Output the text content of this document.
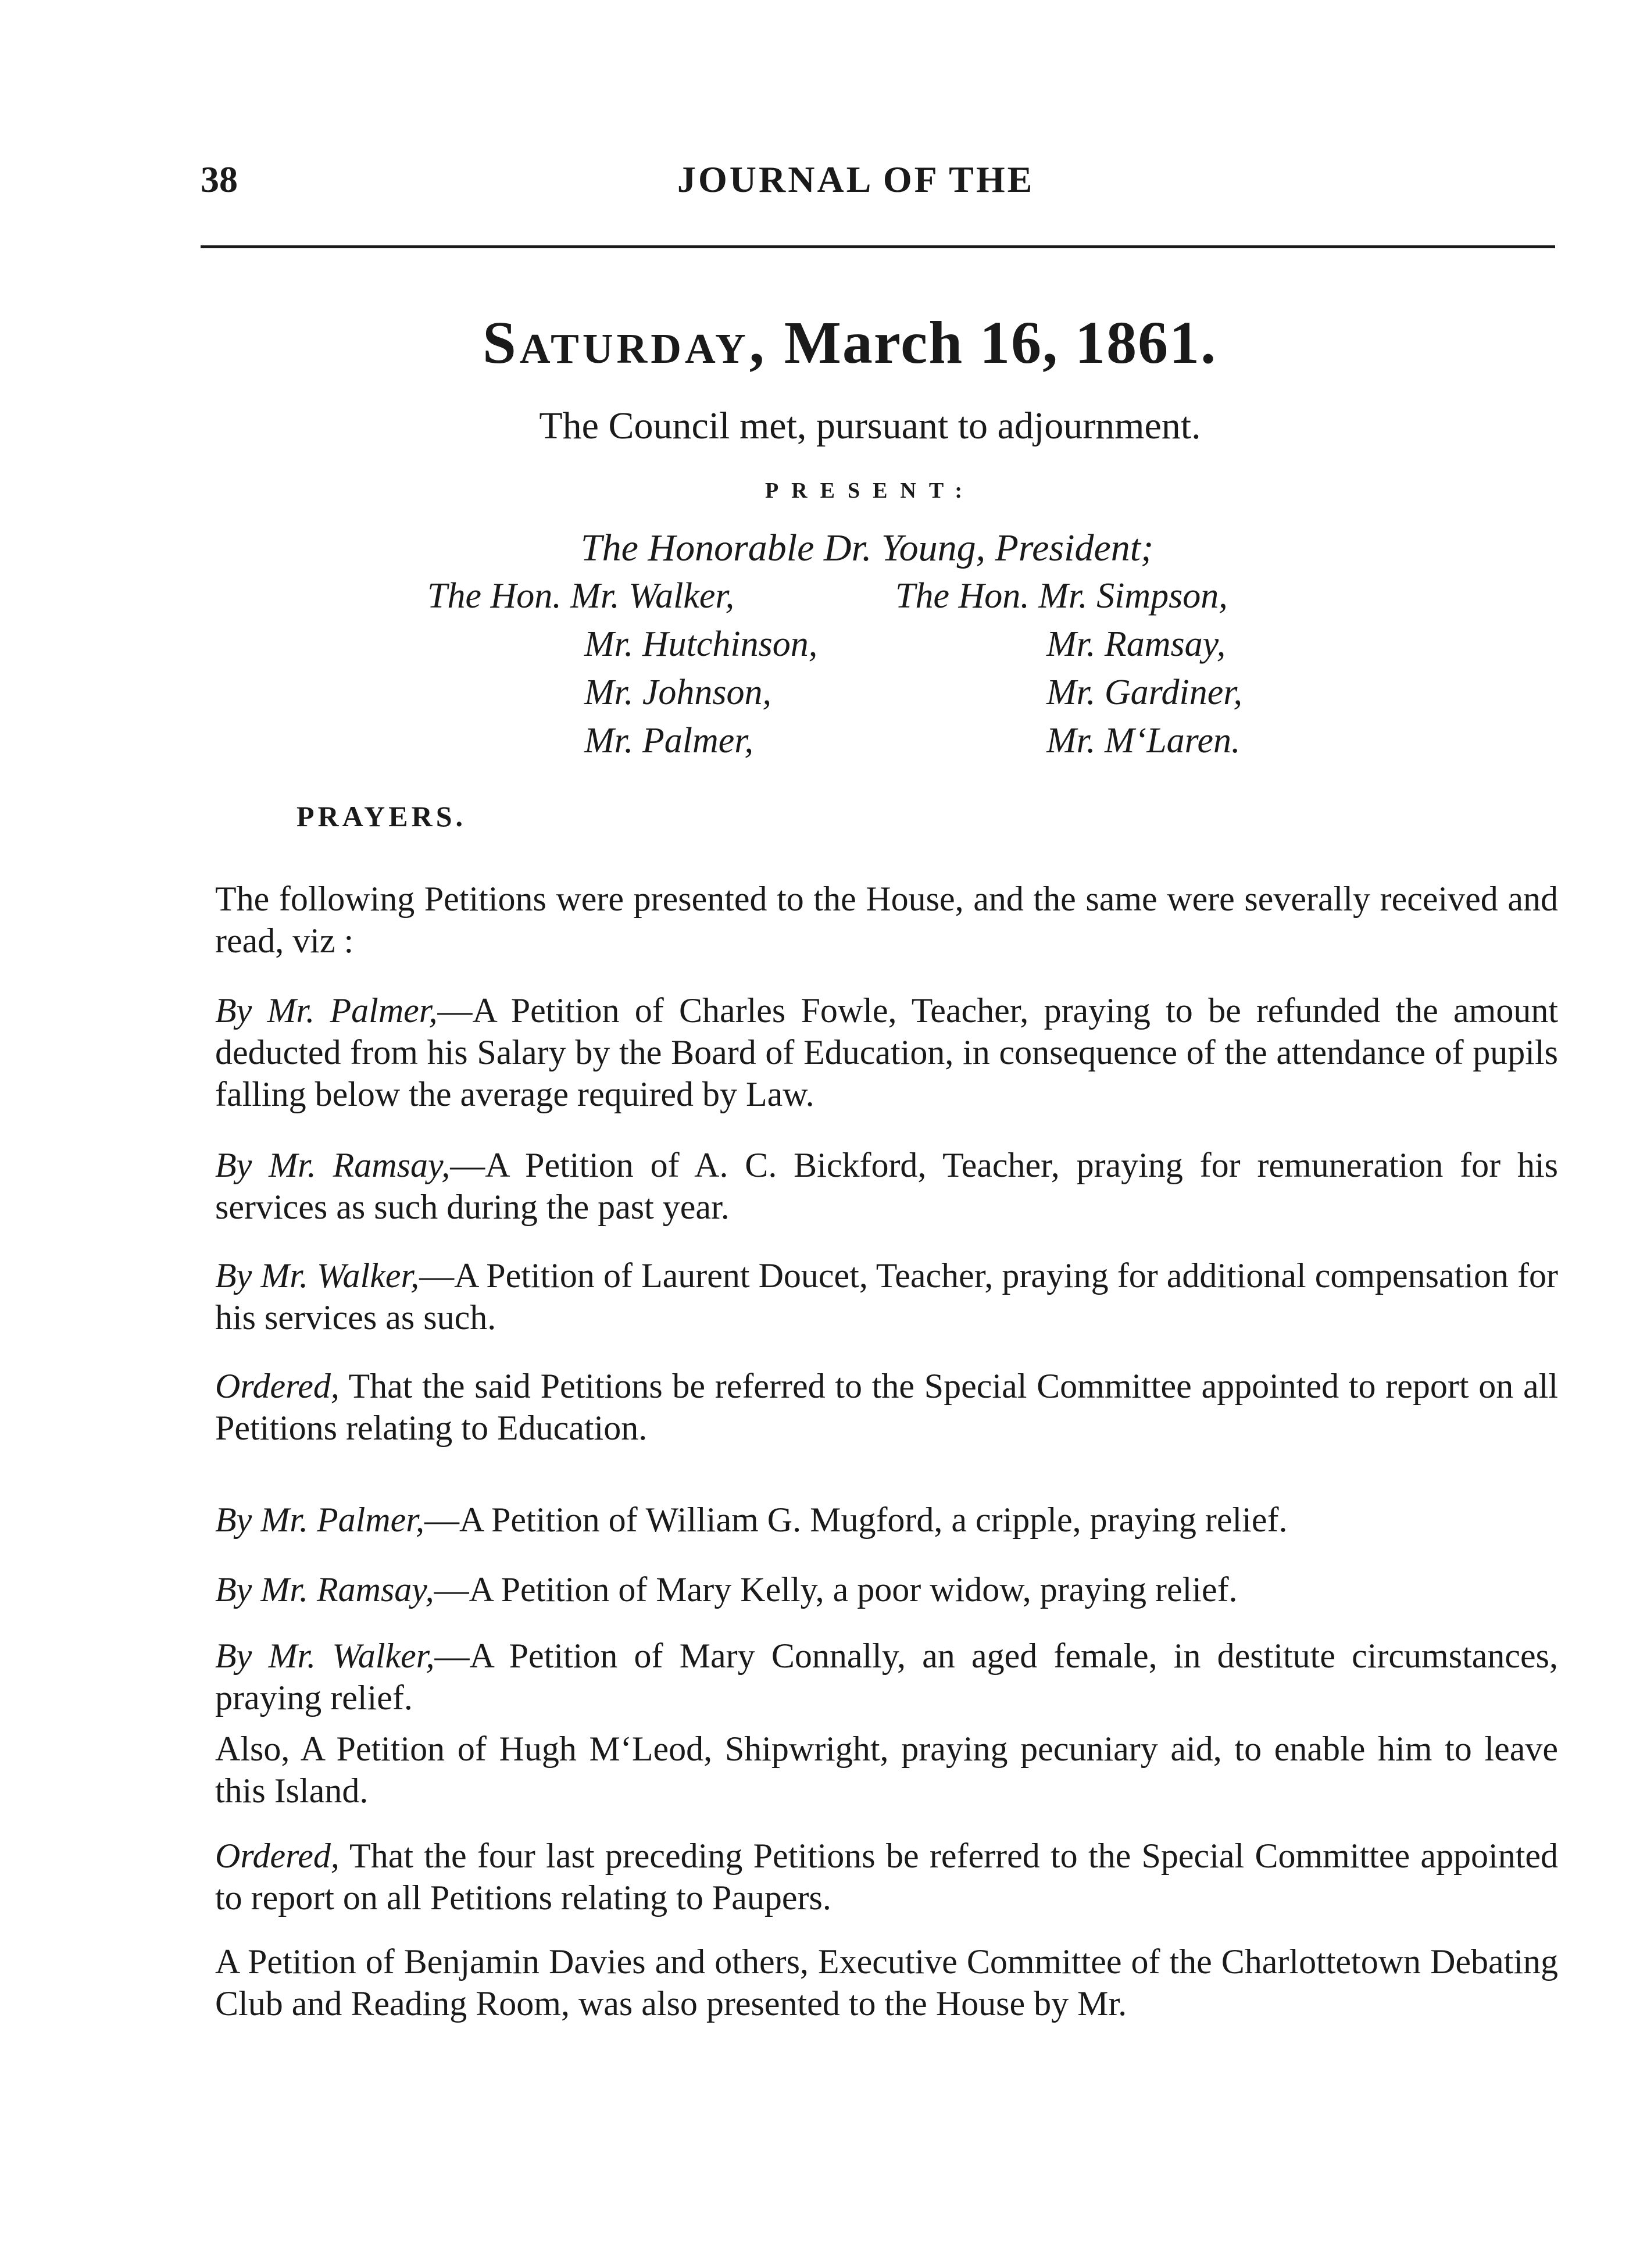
38	JOURNAL OF THE
Saturday, March 16, 1861.
The Council met, pursuant to adjournment.
PRESENT:
The Honorable Dr. Young, President;
The Hon. Mr. Walker,
Mr. Hutchinson,
Mr. Johnson,
Mr. Palmer,
The Hon. Mr. Simpson,
Mr. Ramsay,
Mr. Gardiner,
Mr. M‘Laren.
PRAYERS.
The following Petitions were presented to the House, and the same were severally received and read, viz :
By Mr. Palmer,—A Petition of Charles Fowle, Teacher, praying to be refunded the amount deducted from his Salary by the Board of Education, in consequence of the attendance of pupils falling below the average required by Law.
By Mr. Ramsay,—A Petition of A. C. Bickford, Teacher, praying for remuneration for his services as such during the past year.
By Mr. Walker,—A Petition of Laurent Doucet, Teacher, praying for additional compensation for his services as such.
Ordered, That the said Petitions be referred to the Special Committee appointed to report on all Petitions relating to Education.
By Mr. Palmer,—A Petition of William G. Mugford, a cripple, praying relief.
By Mr. Ramsay,—A Petition of Mary Kelly, a poor widow, praying relief.
By Mr. Walker,—A Petition of Mary Connally, an aged female, in destitute circumstances, praying relief.
Also, A Petition of Hugh M‘Leod, Shipwright, praying pecuniary aid, to enable him to leave this Island.
Ordered, That the four last preceding Petitions be referred to the Special Committee appointed to report on all Petitions relating to Paupers.
A Petition of Benjamin Davies and others, Executive Committee of the Charlottetown Debating Club and Reading Room, was also presented to the House by Mr.
